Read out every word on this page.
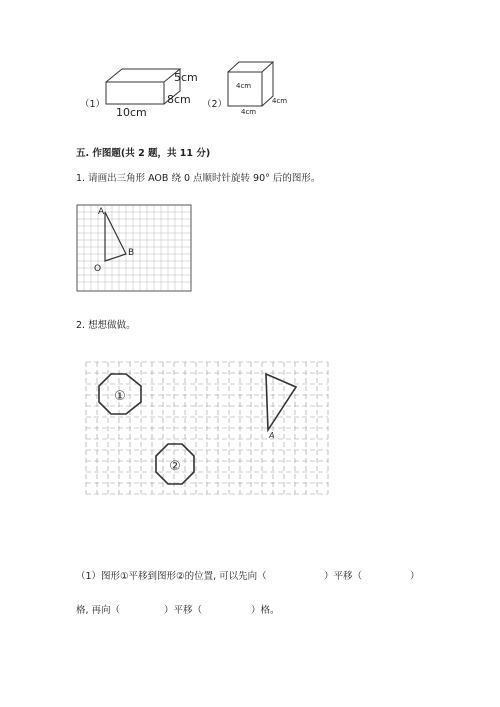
（1）
5cm
8cm
10cm
（2）
4cm
4cm
4cm
五. 作图题(共 2 题，共 11 分)
1. 请画出三角形 AOB 绕 0 点顺时针旋转 90° 后的图形。
A
B
O
2. 想想做做。
①
②
A
（1）图形①平移到图形②的位置, 可以先向（	）平移（	）
格, 再向（	）平移（	）格。
